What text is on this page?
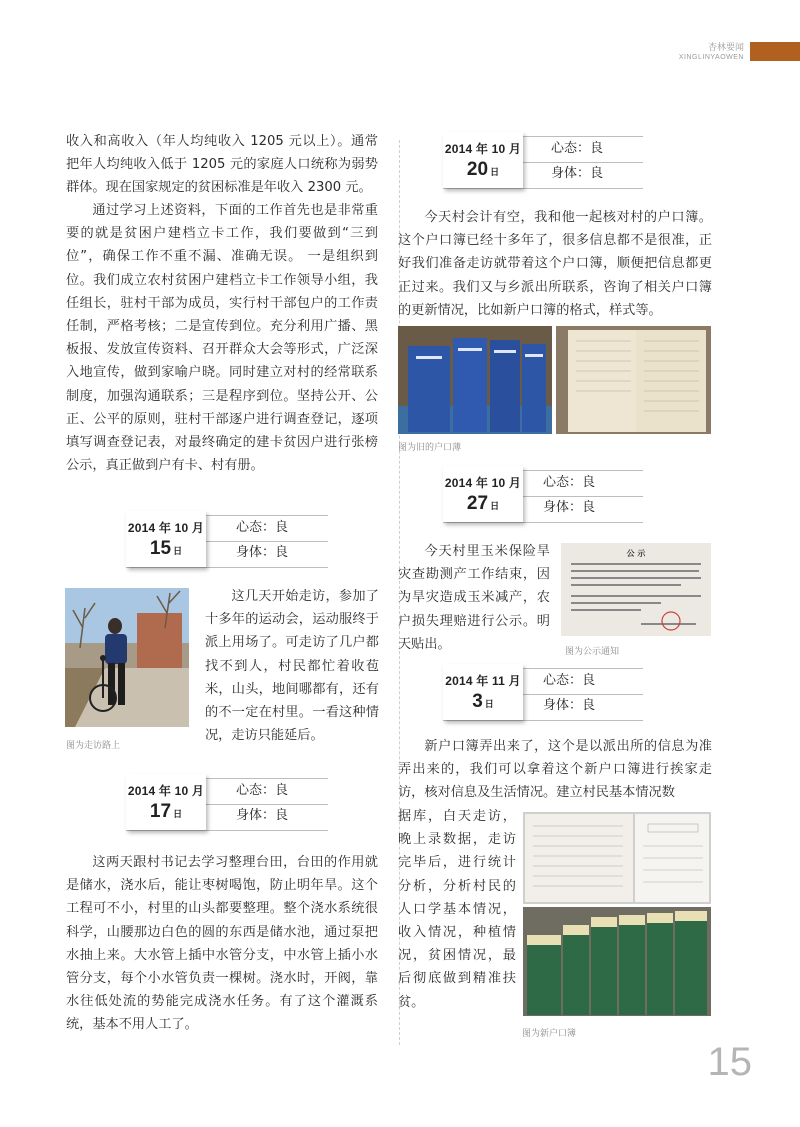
杏林要闻
XINGLINYAOWEN

收入和高收入（年人均纯收入 1205 元以上）。通常把年人均纯收入低于 1205 元的家庭人口统称为弱势群体。现在国家规定的贫困标准是年收入 2300 元。

通过学习上述资料，下面的工作首先也是非常重要的就是贫困户建档立卡工作，我们要做到“三到位”，确保工作不重不漏、准确无误。 一是组织到位。我们成立农村贫困户建档立卡工作领导小组，我任组长，驻村干部为成员，实行村干部包户的工作责任制，严格考核；二是宣传到位。充分利用广播、黑板报、发放宣传资料、召开群众大会等形式，广泛深入地宣传，做到家喻户晓。同时建立对村的经常联系制度，加强沟通联系；三是程序到位。坚持公开、公正、公平的原则，驻村干部逐户进行调查登记，逐项填写调查登记表，对最终确定的建卡贫因户进行张榜公示，真正做到户有卡、村有册。

2014 年 10 月
15 日
心态：良
身体：良
图为走访路上

这几天开始走访，参加了十多年的运动会，运动服终于派上用场了。可走访了几户都找不到人，村民都忙着收苞米，山头，地间哪都有，还有的不一定在村里。一看这种情况，走访只能延后。

2014 年 10 月
17 日
心态：良
身体：良

这两天跟村书记去学习整理台田，台田的作用就是储水，浇水后，能让枣树喝饱，防止明年旱。这个工程可不小，村里的山头都要整理。整个浇水系统很科学，山腰那边白色的圆的东西是储水池，通过泵把水抽上来。大水管上插中水管分支，中水管上插小水管分支，每个小水管负责一棵树。浇水时，开阀，靠水往低处流的势能完成浇水任务。有了这个灌溉系统，基本不用人工了。

2014 年 10 月
20 日
心态：良
身体：良

今天村会计有空，我和他一起核对村的户口簿。这个户口簿已经十多年了，很多信息都不是很准，正好我们准备走访就带着这个户口簿，顺便把信息都更正过来。我们又与乡派出所联系，咨询了相关户口簿的更新情况，比如新户口簿的格式，样式等。

图为旧的户口薄
2014 年 10 月
27 日
心态：良
身体：良

今天村里玉米保险旱灾查勘测产工作结束，因为旱灾造成玉米减产，农户损失理赔进行公示。明天贴出。

公 示
图为公示通知
2014 年 11 月
3 日
心态：良
身体：良

新户口簿弄出来了，这个是以派出所的信息为准弄出来的，我们可以拿着这个新户口簿进行挨家走访，核对信息及生活情况。建立村民基本情况数

据库，白天走访，晚上录数据，走访完毕后，进行统计分析，分析村民的人口学基本情况，收入情况，种植情况，贫困情况，最后彻底做到精准扶贫。

图为新户口簿
15
